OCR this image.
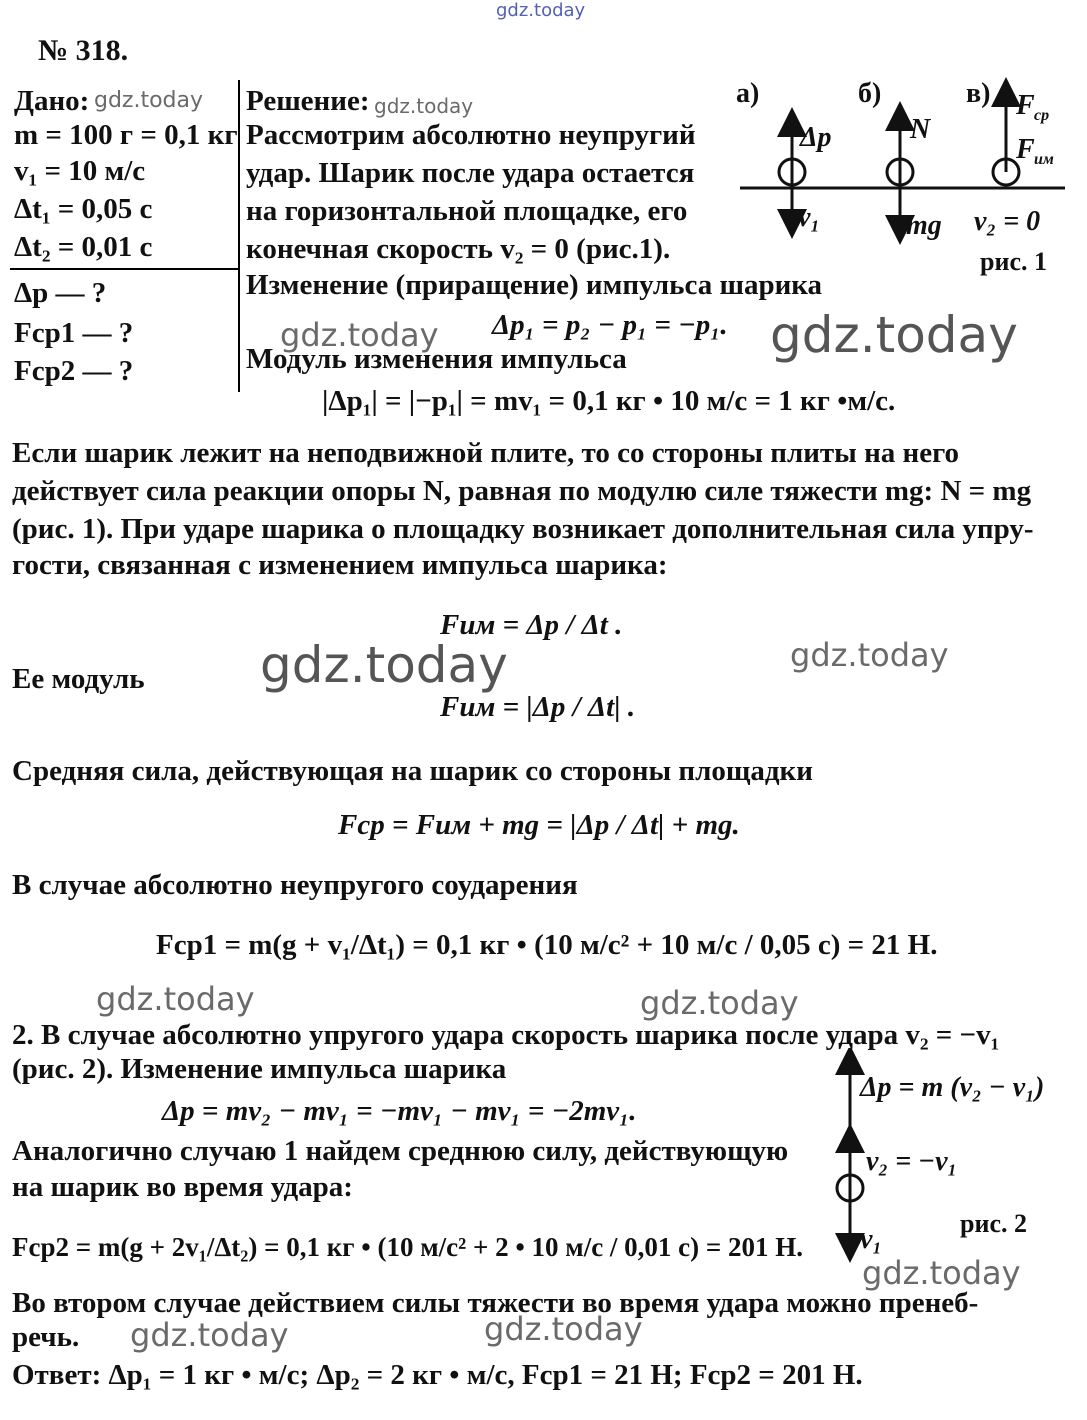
gdz.today
№ 318.
Дано: gdz.today
m = 100 г = 0,1 кг
v₁ = 10 м/с
Δt₁ = 0,05 с
Δt₂ = 0,01 с
Δp — ?
Fср1 — ?
Fср2 — ?
Решение: gdz.today
Рассмотрим абсолютно неупругий
удар. Шарик после удара остается
на горизонтальной площадке, его
конечная скорость v₂ = 0 (рис.1).
Изменение (приращение) импульса шарика
gdz.today Δp₁ = p₂ − p₁ = −p₁. gdz.today
Модуль изменения импульса
|Δp₁| = |−p₁| = mv₁ = 0,1 кг • 10 м/с = 1 кг •м/с.
а)	б)	в)
Δp
v₁
N
mg
F ср
F им
v₂ = 0
рис. 1
Если шарик лежит на неподвижной плите, то со стороны плиты на него
действует сила реакции опоры N, равная по модулю силе тяжести mg: N = mg
(рис. 1). При ударе шарика о площадку возникает дополнительная сила упру-
гости, связанная с изменением импульса шарика:
Fим = Δp / Δt .
gdz.today	gdz.today
Ее модуль
Fим = |Δp / Δt| .
Средняя сила, действующая на шарик со стороны площадки
Fср = Fим + mg = |Δp / Δt| + mg.
В случае абсолютно неупругого соударения
Fср1 = m(g + v₁/Δt₁) = 0,1 кг • (10 м/с² + 10 м/с / 0,05 с) = 21 Н.
gdz.today	gdz.today
2. В случае абсолютно упругого удара скорость шарика после удара v₂ = −v₁
(рис. 2). Изменение импульса шарика
Δp = mv₂ − mv₁ = −mv₁ − mv₁ = −2mv₁.
Аналогично случаю 1 найдем среднюю силу, действующую
на шарик во время удара:
Fср2 = m(g + 2v₁/Δt₂) = 0,1 кг • (10 м/с² + 2 • 10 м/с / 0,01 с) = 201 Н.
Δp = m (v₂ − v₁)
v₂ = −v₁
v₁
рис. 2
gdz.today
Во втором случае действием силы тяжести во время удара можно пренеб-
речь. gdz.today	gdz.today
Ответ: Δp₁ = 1 кг • м/с; Δp₂ = 2 кг • м/с, Fср1 = 21 Н; Fср2 = 201 Н.
